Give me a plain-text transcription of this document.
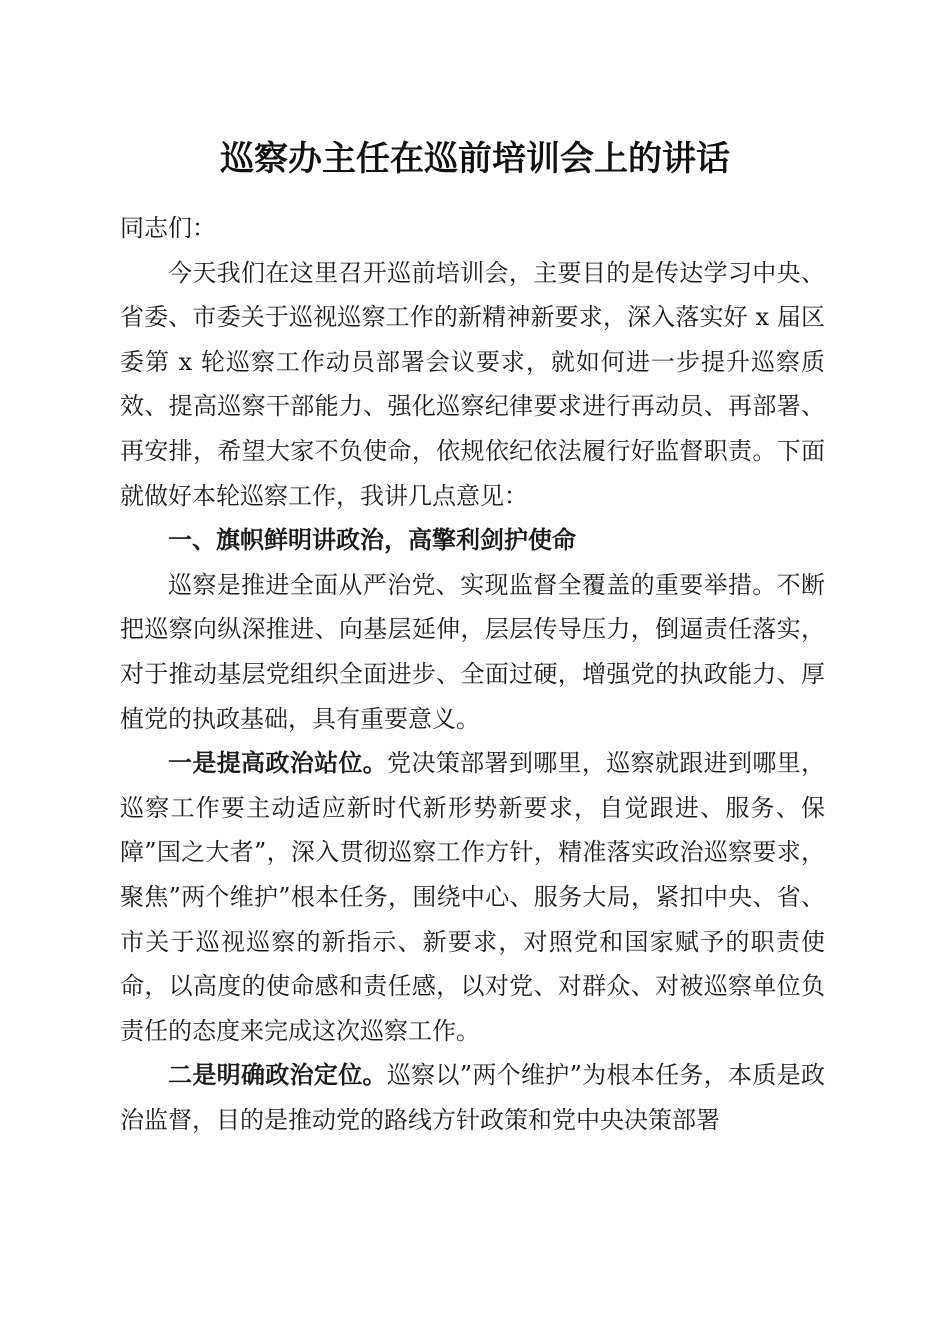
巡察办主任在巡前培训会上的讲话

同志们：

今天我们在这里召开巡前培训会，主要目的是传达学习中央、省委、市委关于巡视巡察工作的新精神新要求，深入落实好 x 届区委第 x 轮巡察工作动员部署会议要求，就如何进一步提升巡察质效、提高巡察干部能力、强化巡察纪律要求进行再动员、再部署、再安排，希望大家不负使命，依规依纪依法履行好监督职责。下面就做好本轮巡察工作，我讲几点意见：

一、旗帜鲜明讲政治，高擎利剑护使命

巡察是推进全面从严治党、实现监督全覆盖的重要举措。不断把巡察向纵深推进、向基层延伸，层层传导压力，倒逼责任落实，对于推动基层党组织全面进步、全面过硬，增强党的执政能力、厚植党的执政基础，具有重要意义。

一是提高政治站位。党决策部署到哪里，巡察就跟进到哪里，巡察工作要主动适应新时代新形势新要求，自觉跟进、服务、保障”国之大者”，深入贯彻巡察工作方针，精准落实政治巡察要求，聚焦”两个维护”根本任务，围绕中心、服务大局，紧扣中央、省、市关于巡视巡察的新指示、新要求，对照党和国家赋予的职责使命，以高度的使命感和责任感，以对党、对群众、对被巡察单位负责任的态度来完成这次巡察工作。

二是明确政治定位。巡察以”两个维护”为根本任务，本质是政治监督，目的是推动党的路线方针政策和党中央决策部署
